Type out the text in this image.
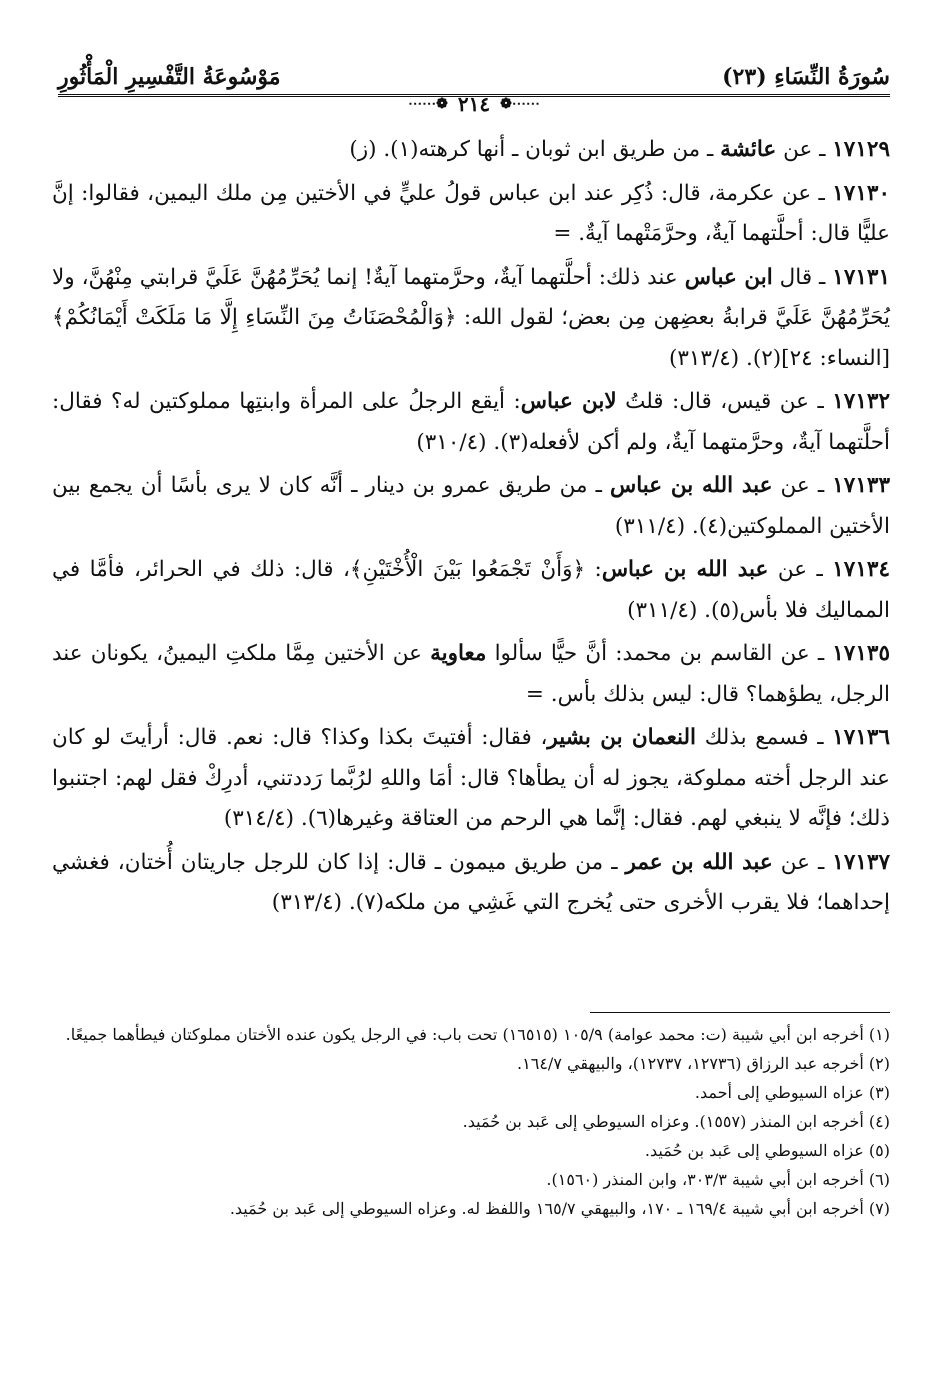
سُورَةُ النِّسَاءِ (٢٣)
مَوْسُوعَةُ التَّفْسِيرِ الْمَأْثُورِ
⋯⋯❁
٢١٤
❁⋯⋯

١٧١٢٩ ـ عن عائشة ـ من طريق ابن ثوبان ـ أنها كرهته(١). (ز)

١٧١٣٠ ـ عن عكرمة، قال: ذُكِر عند ابن عباس قولُ عليٍّ في الأختين مِن ملك اليمين، فقالوا: إنَّ عليًّا قال: أحلَّتهما آيةٌ، وحرَّمَتْهما آيةٌ. =

١٧١٣١ ـ قال ابن عباس عند ذلك: أحلَّتهما آيةٌ، وحرَّمتهما آيةٌ! إنما يُحَرِّمُهُنَّ عَلَيَّ قرابتي مِنْهُنَّ، ولا يُحَرِّمُهُنَّ عَلَيَّ قرابةُ بعضِهن مِن بعض؛ لقول الله: ﴿وَالْمُحْصَنَاتُ مِنَ النِّسَاءِ إِلَّا مَا مَلَكَتْ أَيْمَانُكُمْ﴾ [النساء: ٢٤](٢). (٣١٣/٤)

١٧١٣٢ ـ عن قيس، قال: قلتُ لابن عباس: أيقع الرجلُ على المرأة وابنتِها مملوكتين له؟ فقال: أحلَّتهما آيةٌ، وحرَّمتهما آيةٌ، ولم أكن لأفعله(٣). (٣١٠/٤)

١٧١٣٣ ـ عن عبد الله بن عباس ـ من طريق عمرو بن دينار ـ أنَّه كان لا يرى بأسًا أن يجمع بين الأختين المملوكتين(٤). (٣١١/٤)

١٧١٣٤ ـ عن عبد الله بن عباس: ﴿وَأَنْ تَجْمَعُوا بَيْنَ الْأُخْتَيْنِ﴾، قال: ذلك في الحرائر، فأمَّا في المماليك فلا بأس(٥). (٣١١/٤)

١٧١٣٥ ـ عن القاسم بن محمد: أنَّ حيًّا سألوا معاوية عن الأختين مِمَّا ملكتِ اليمينُ، يكونان عند الرجل، يطؤهما؟ قال: ليس بذلك بأس. =

١٧١٣٦ ـ فسمع بذلك النعمان بن بشير، فقال: أفتيتَ بكذا وكذا؟ قال: نعم. قال: أرأيتَ لو كان عند الرجل أخته مملوكة، يجوز له أن يطأها؟ قال: أمَا واللهِ لرُبَّما رَددتني، أدرِكْ فقل لهم: اجتنبوا ذلك؛ فإنَّه لا ينبغي لهم. فقال: إنَّما هي الرحم من العتاقة وغيرها(٦). (٣١٤/٤)

١٧١٣٧ ـ عن عبد الله بن عمر ـ من طريق ميمون ـ قال: إذا كان للرجل جاريتان أُختان، فغشي إحداهما؛ فلا يقرب الأخرى حتى يُخرج التي غَشِي من ملكه(٧). (٣١٣/٤)

(١) أخرجه ابن أبي شيبة (ت: محمد عوامة) ١٠٥/٩ (١٦٥١٥) تحت باب: في الرجل يكون عنده الأختان مملوكتان فيطأهما جميعًا.

(٢) أخرجه عبد الرزاق (١٢٧٣٦، ١٢٧٣٧)، والبيهقي ١٦٤/٧.

(٣) عزاه السيوطي إلى أحمد.

(٤) أخرجه ابن المنذر (١٥٥٧). وعزاه السيوطي إلى عَبد بن حُمَيد.

(٥) عزاه السيوطي إلى عَبد بن حُمَيد.

(٦) أخرجه ابن أبي شيبة ٣٠٣/٣، وابن المنذر (١٥٦٠).

(٧) أخرجه ابن أبي شيبة ١٦٩/٤ ـ ١٧٠، والبيهقي ١٦٥/٧ واللفظ له. وعزاه السيوطي إلى عَبد بن حُمَيد.
